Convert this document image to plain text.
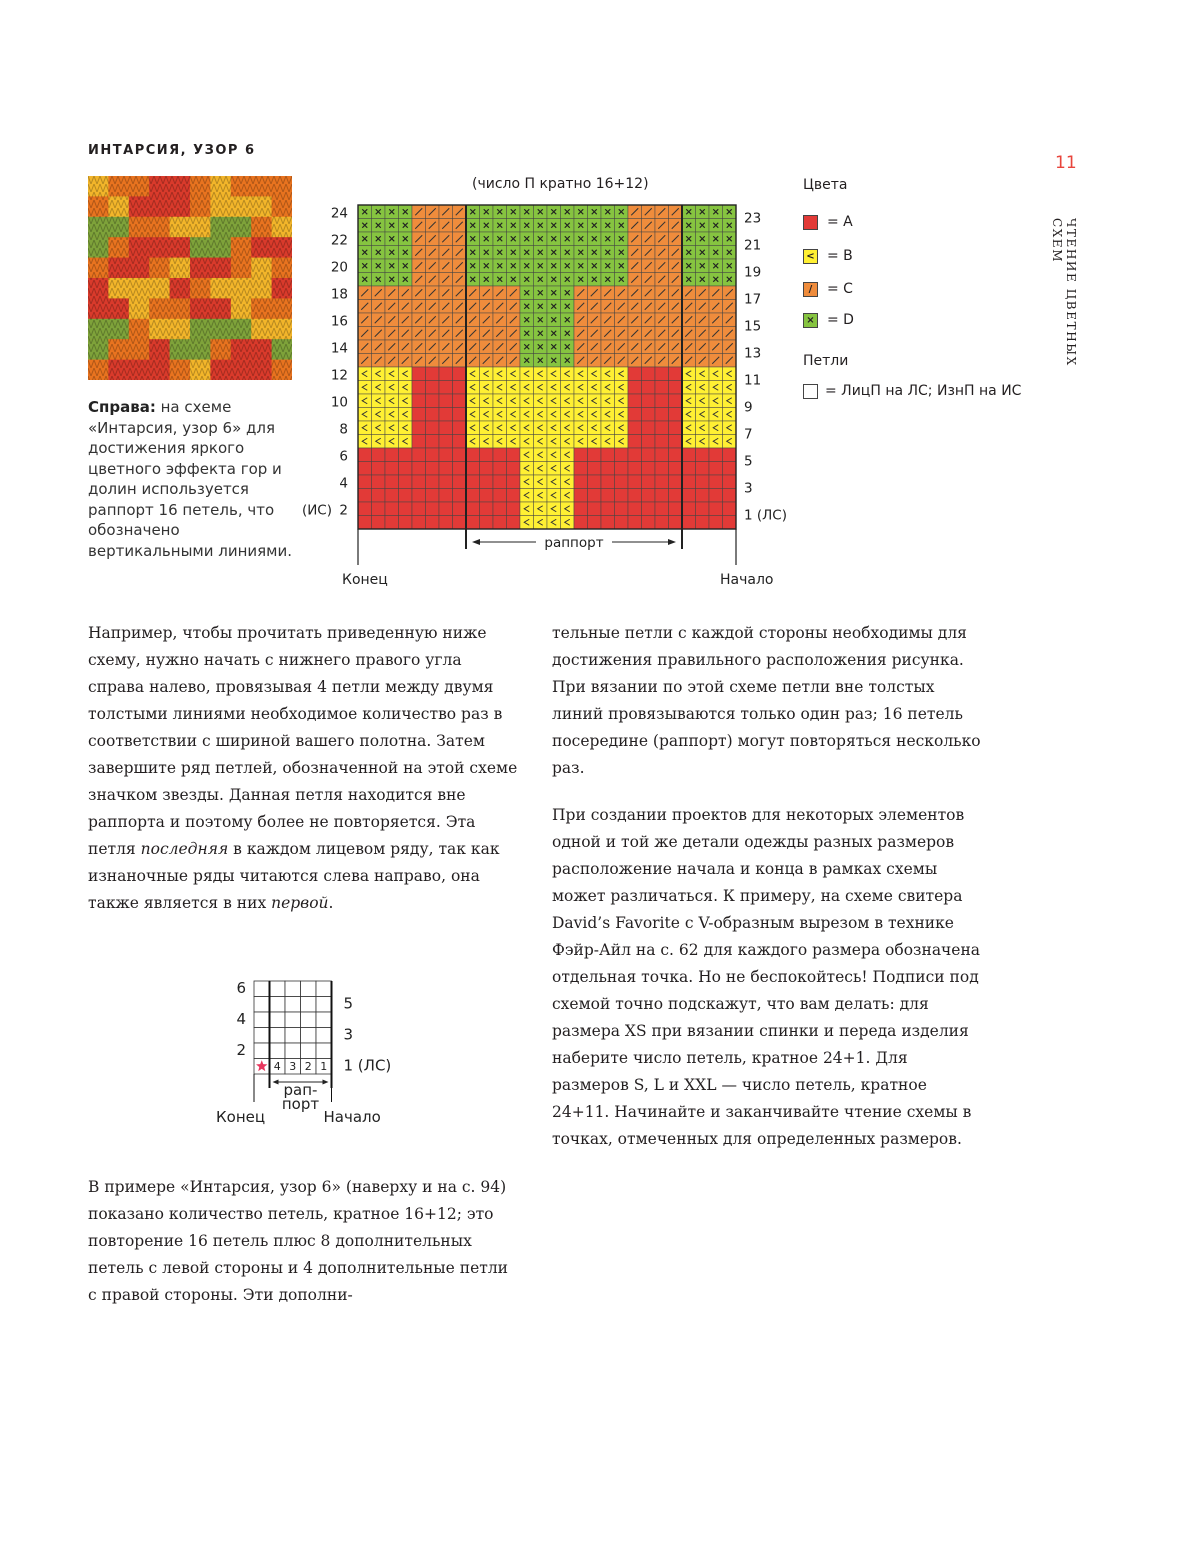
ИНТАРСИЯ, УЗОР 6
11
ЧТЕНИЕ ЦВЕТНЫХ СХЕМ
Справа: на схеме «Интарсия, узор 6» для достижения яркого цветного эффекта гор и долин используется раппорт 16 петель, что обозначено вертикальными линиями.
(число П кратно 16+12)
раппорт
24
22
20
18
16
14
12
10
8
6
4
2
(ИС)
23
21
19
17
15
13
11
9
7
5
3
1 (ЛС)
Конец	Начало
Цвета
= A
< = B
/	= C
× = D
Петли
= ЛицП на ЛС; ИзнП на ИС

Например, чтобы прочитать приведенную ниже схему, нужно начать с нижнего правого угла справа налево, провязывая 4 петли между двумя толстыми линиями необходимое количество раз в соответствии с шириной вашего полотна. Затем завершите ряд петлей, обозначенной на этой схеме значком звезды. Данная петля находится вне раппорта и поэтому более не повторяется. Эта петля последняя в каждом лицевом ряду, так как изнаночные ряды читаются слева направо, она также является в них первой.

4 3 2 1
рап-
порт
6
4
2
5
3
1 (ЛС)
Конец	Начало

В примере «Интарсия, узор 6» (наверху и на с. 94) показано количество петель, кратное 16+12; это повторение 16 петель плюс 8 дополнительных петель с левой стороны и 4 дополнительные петли с правой стороны. Эти дополни-

тельные петли с каждой стороны необходимы для достижения правильного расположения рисунка. При вязании по этой схеме петли вне толстых линий провязываются только один раз; 16 петель посередине (раппорт) могут повторяться несколько раз.

При создании проектов для некоторых элементов одной и той же детали одежды разных размеров расположение начала и конца в рамках схемы может различаться. К примеру, на схеме свитера David’s Favorite с V-образным вырезом в технике Фэйр-Айл на с. 62 для каждого размера обозначена отдельная точка. Но не беспокойтесь! Подписи под схемой точно подскажут, что вам делать: для размера XS при вязании спинки и переда изделия наберите число петель, кратное 24+1. Для размеров S, L и XXL — число петель, кратное 24+11. Начинайте и заканчивайте чтение схемы в точках, отмеченных для определенных размеров.
